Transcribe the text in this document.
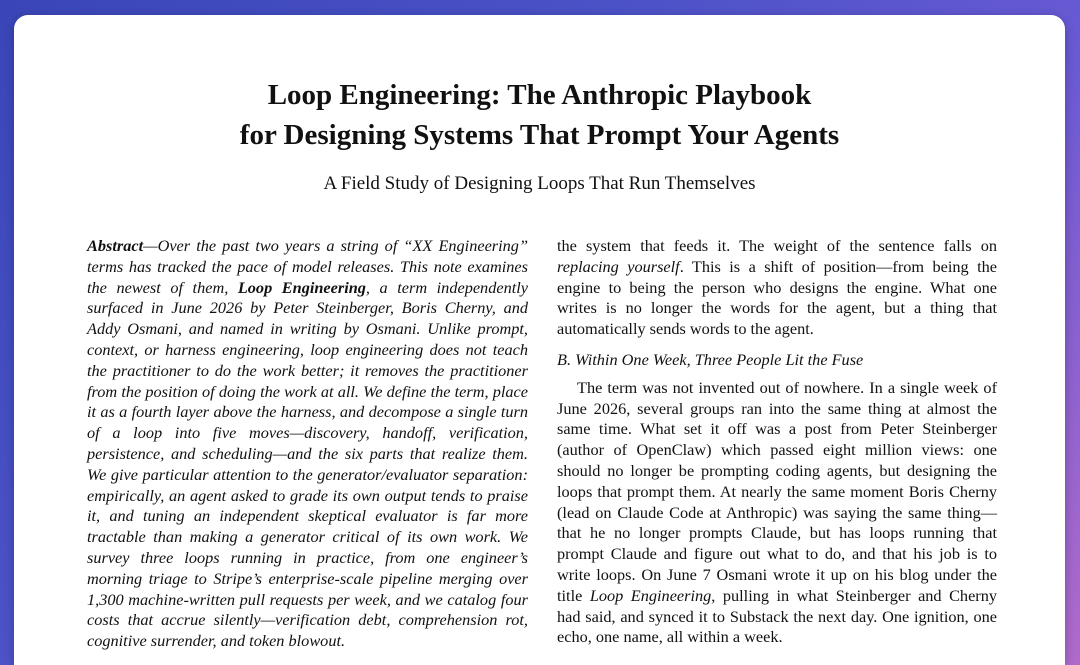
Loop Engineering: The Anthropic Playbook
for Designing Systems That Prompt Your Agents

A Field Study of Designing Loops That Run Themselves

Abstract—Over the past two years a string of “XX Engineering” terms has tracked the pace of model releases. This note examines the newest of them, Loop Engineering, a term independently surfaced in June 2026 by Peter Steinberger, Boris Cherny, and Addy Osmani, and named in writing by Osmani. Unlike prompt, context, or harness engineering, loop engineering does not teach the practitioner to do the work better; it removes the practitioner from the position of doing the work at all. We define the term, place it as a fourth layer above the harness, and decompose a single turn of a loop into five moves—discovery, handoff, verification, persistence, and scheduling—and the six parts that realize them. We give particular attention to the generator/evaluator separation: empirically, an agent asked to grade its own output tends to praise it, and tuning an independent skeptical evaluator is far more tractable than making a generator critical of its own work. We survey three loops running in practice, from one engineer’s morning triage to Stripe’s enterprise-scale pipeline merging over 1,300 machine-written pull requests per week, and we catalog four costs that accrue silently—verification debt, comprehension rot, cognitive surrender, and token blowout.

the system that feeds it. The weight of the sentence falls on replacing yourself. This is a shift of position—from being the engine to being the person who designs the engine. What one writes is no longer the words for the agent, but a thing that automatically sends words to the agent.

B. Within One Week, Three People Lit the Fuse

The term was not invented out of nowhere. In a single week of June 2026, several groups ran into the same thing at almost the same time. What set it off was a post from Peter Steinberger (author of OpenClaw) which passed eight million views: one should no longer be prompting coding agents, but designing the loops that prompt them. At nearly the same moment Boris Cherny (lead on Claude Code at Anthropic) was saying the same thing—that he no longer prompts Claude, but has loops running that prompt Claude and figure out what to do, and that his job is to write loops. On June 7 Osmani wrote it up on his blog under the title Loop Engineering, pulling in what Steinberger and Cherny had said, and synced it to Substack the next day. One ignition, one echo, one name, all within a week.
